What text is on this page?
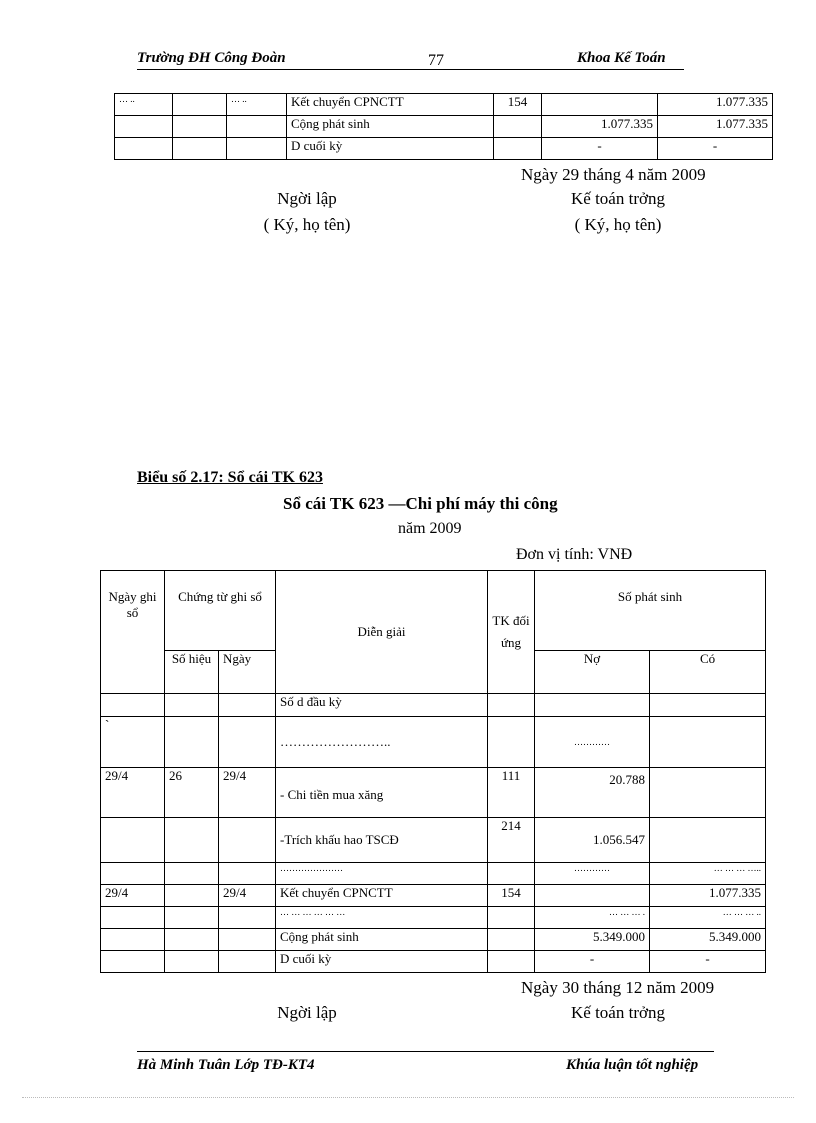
Trường ĐH Công Đoàn	77	Khoa Kế Toán
… ..		… ..	Kết chuyển CPNCTT	154		1.077.335
			Cộng phát sinh		1.077.335	1.077.335
			D cuối kỳ		-	-
Ngày 29 tháng 4 năm 2009
Ngời lập	Kế toán trởng
( Ký, họ tên)	( Ký, họ tên)
Biểu số 2.17: Sổ cái TK 623
Sổ cái TK 623 —Chi phí máy thi công
năm 2009
Đơn vị tính: VNĐ
Ngày ghi sổ	Chứng từ ghi sổ		Diễn giải	TK đối ứng	Số phát sinh	
	Số hiệu	Ngày			Nợ	Có
			Số d đầu kỳ			
`			……………………..		…………	
29/4	26	29/4	- Chi tiền mua xăng	111	20.788	
			-Trích khấu hao TSCĐ	214	1.056.547	
			…………………		…………	… … … …..
29/4		29/4	Kết chuyển CPNCTT	154		1.077.335
			… … … … … …		… … … .	… … … ..
			Cộng phát sinh		5.349.000	5.349.000
			D cuối kỳ		-	-
Ngày 30 tháng 12 năm 2009
Ngời lập	Kế toán trởng
Hà Minh Tuân Lớp TĐ-KT4	Khúa luận tốt nghiệp
